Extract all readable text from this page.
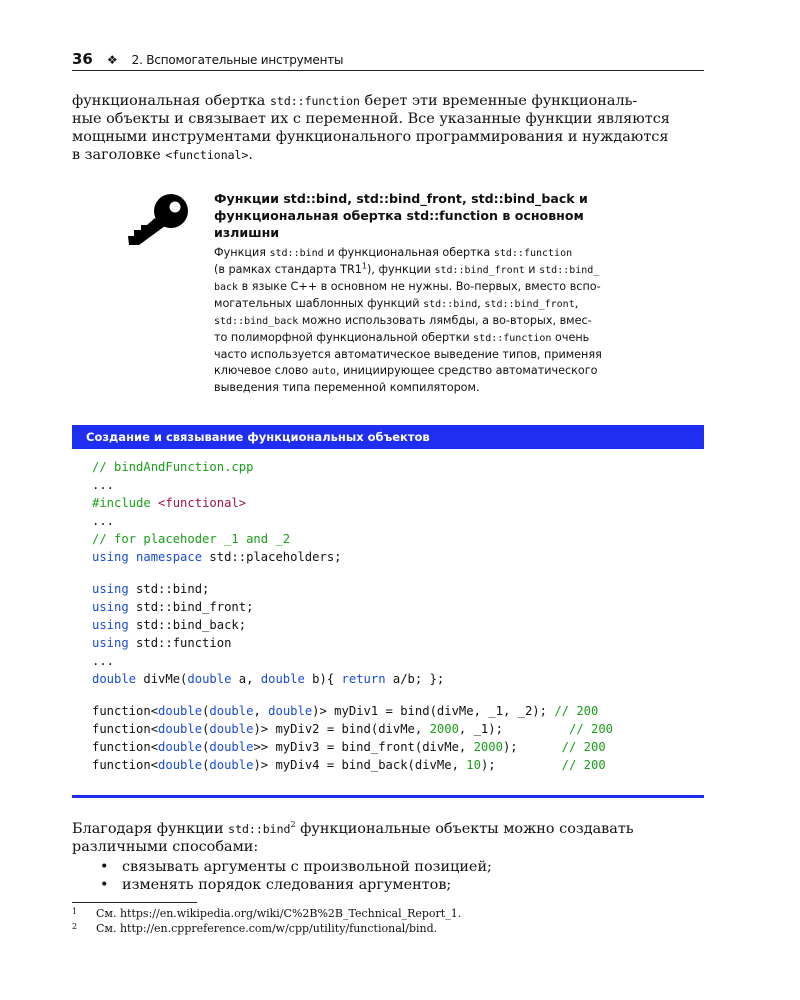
36 ❖ 2. Вспомогательные инструменты
функциональная обертка std::function берет эти временные функциональ-
ные объекты и связывает их с переменной. Все указанные функции являются
мощными инструментами функционального программирования и нуждаются
в заголовке <functional>.
Функции std::bind, std::bind_front, std::bind_back и
функциональная обертка std::function в основном
излишни
Функция std::bind и функциональная обертка std::function
(в рамках стандарта $TR1^1$), функции std::bind_front и std::bind_
back в языке C++ в основном не нужны. Во-первых, вместо вспо-
могательных шаблонных функций std::bind, std::bind_front,
std::bind_back можно использовать лямбды, а во-вторых, вмес-
то полиморфной функциональной обертки std::function очень
часто используется автоматическое выведение типов, применяя
ключевое слово auto, инициирующее средство автоматического
выведения типа переменной компилятором.
Создание и связывание функциональных объектов
// bindAndFunction.cpp
...
#include <functional>
...
// for placehoder _1 and _2
using namespace std::placeholders;
using std::bind;
using std::bind_front;
using std::bind_back;
using std::function
...
double divMe(double a, double b){ return a/b; };
function<double(double, double)> myDiv1 = bind(divMe, _1, _2); // 200
function<double(double)> myDiv2 = bind(divMe, 2000, _1);         // 200
function<double(double>> myDiv3 = bind_front(divMe, 2000);      // 200
function<double(double)> myDiv4 = bind_back(divMe, 10);         // 200
Благодаря функции std::bind$^2$ функциональные объекты можно создавать
различными способами:
• связывать аргументы с произвольной позицией;
• изменять порядок следования аргументов;
1	См. https://en.wikipedia.org/wiki/C%2B%2B_Technical_Report_1.
2	См. http://en.cppreference.com/w/cpp/utility/functional/bind.
